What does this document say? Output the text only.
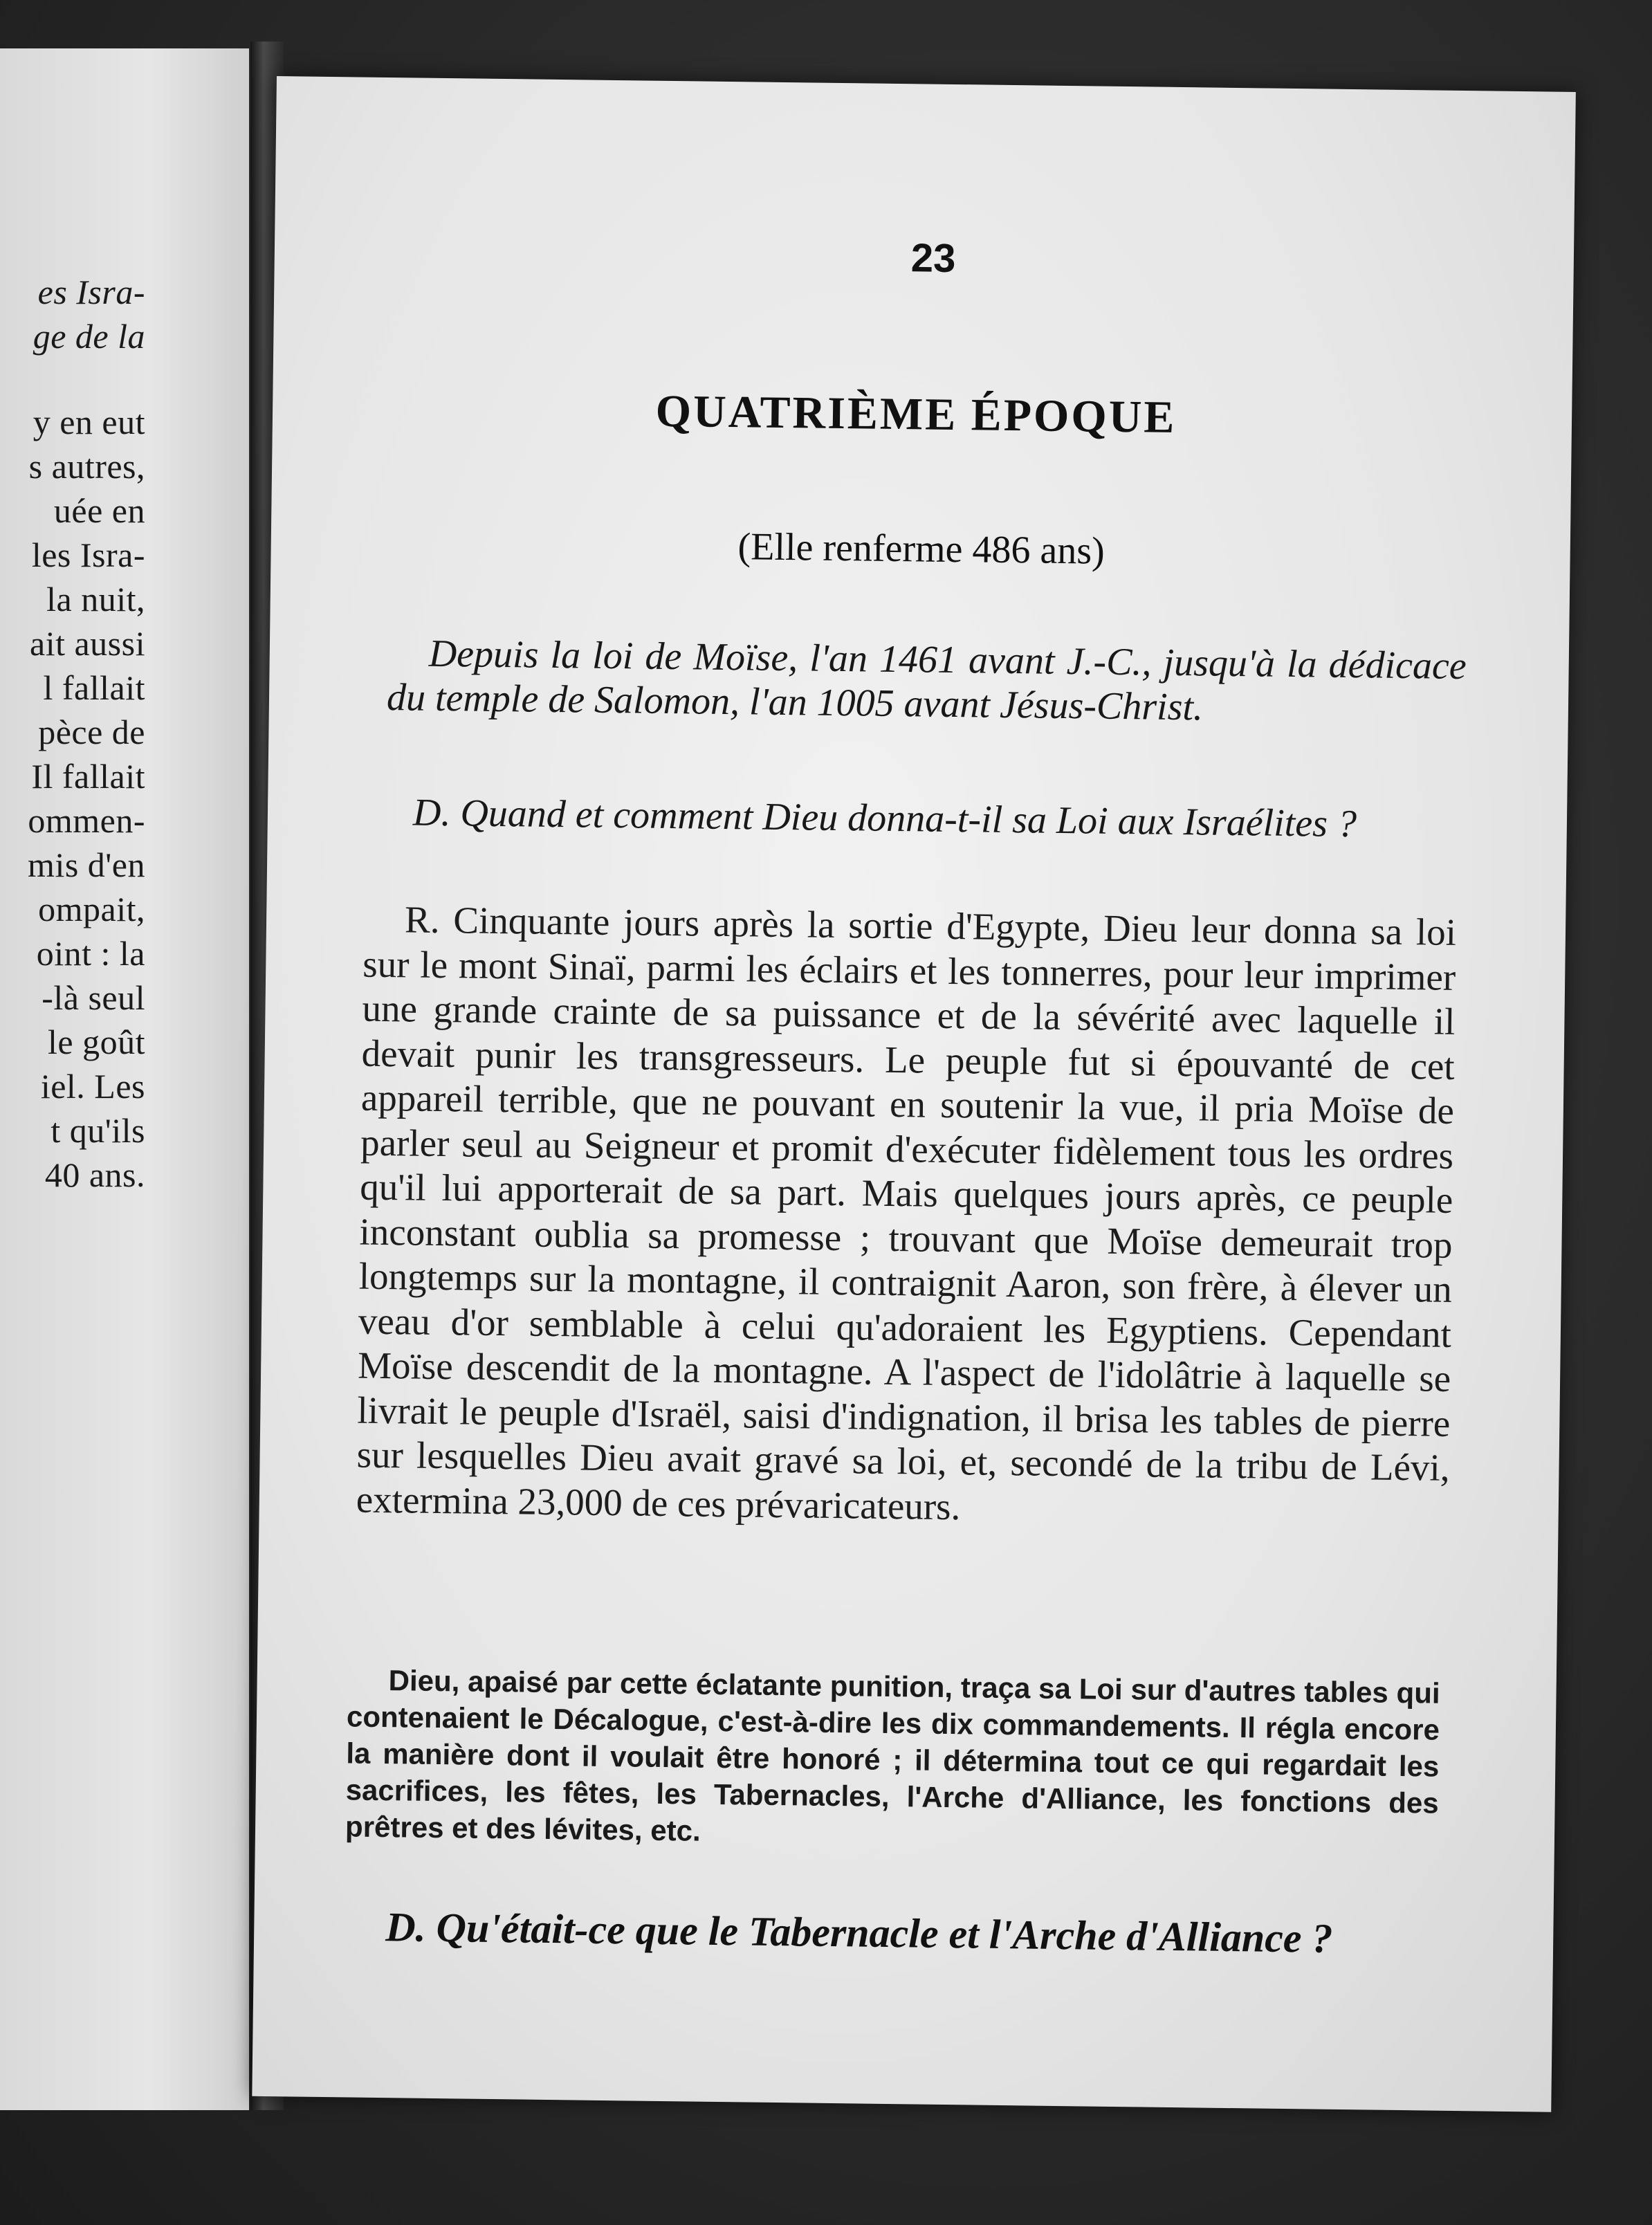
es Isra-
ge de la
y en eut
s autres,
uée en
les Isra-
la nuit,
ait aussi
l fallait
pèce de
Il fallait
ommen-
mis d'en
ompait,
oint : la
-là seul
le goût
iel. Les
t qu'ils
40 ans.
23
QUATRIÈME ÉPOQUE
(Elle renferme 486 ans)
Depuis la loi de Moïse, l'an 1461 avant J.-C., jusqu'à la dédicace du temple de Salomon, l'an 1005 avant Jésus-Christ.
D. Quand et comment Dieu donna-t-il sa Loi aux Israélites ?
R. Cinquante jours après la sortie d'Egypte, Dieu leur donna sa loi sur le mont Sinaï, parmi les éclairs et les tonnerres, pour leur imprimer une grande crainte de sa puissance et de la sévérité avec laquelle il devait punir les transgresseurs. Le peuple fut si épouvanté de cet appareil terrible, que ne pouvant en soutenir la vue, il pria Moïse de parler seul au Seigneur et promit d'exécuter fidèlement tous les ordres qu'il lui apporterait de sa part. Mais quelques jours après, ce peuple inconstant oublia sa promesse ; trouvant que Moïse demeurait trop longtemps sur la montagne, il contraignit Aaron, son frère, à élever un veau d'or semblable à celui qu'adoraient les Egyptiens. Cependant Moïse descendit de la montagne. A l'aspect de l'idolâtrie à laquelle se livrait le peuple d'Israël, saisi d'indignation, il brisa les tables de pierre sur lesquelles Dieu avait gravé sa loi, et, secondé de la tribu de Lévi, extermina 23,000 de ces prévaricateurs.
Dieu, apaisé par cette éclatante punition, traça sa Loi sur d'autres tables qui contenaient le Décalogue, c'est-à-dire les dix commandements. Il régla encore la manière dont il voulait être honoré ; il détermina tout ce qui regardait les sacrifices, les fêtes, les Tabernacles, l'Arche d'Alliance, les fonctions des prêtres et des lévites, etc.
D. Qu'était-ce que le Tabernacle et l'Arche d'Alliance ?
